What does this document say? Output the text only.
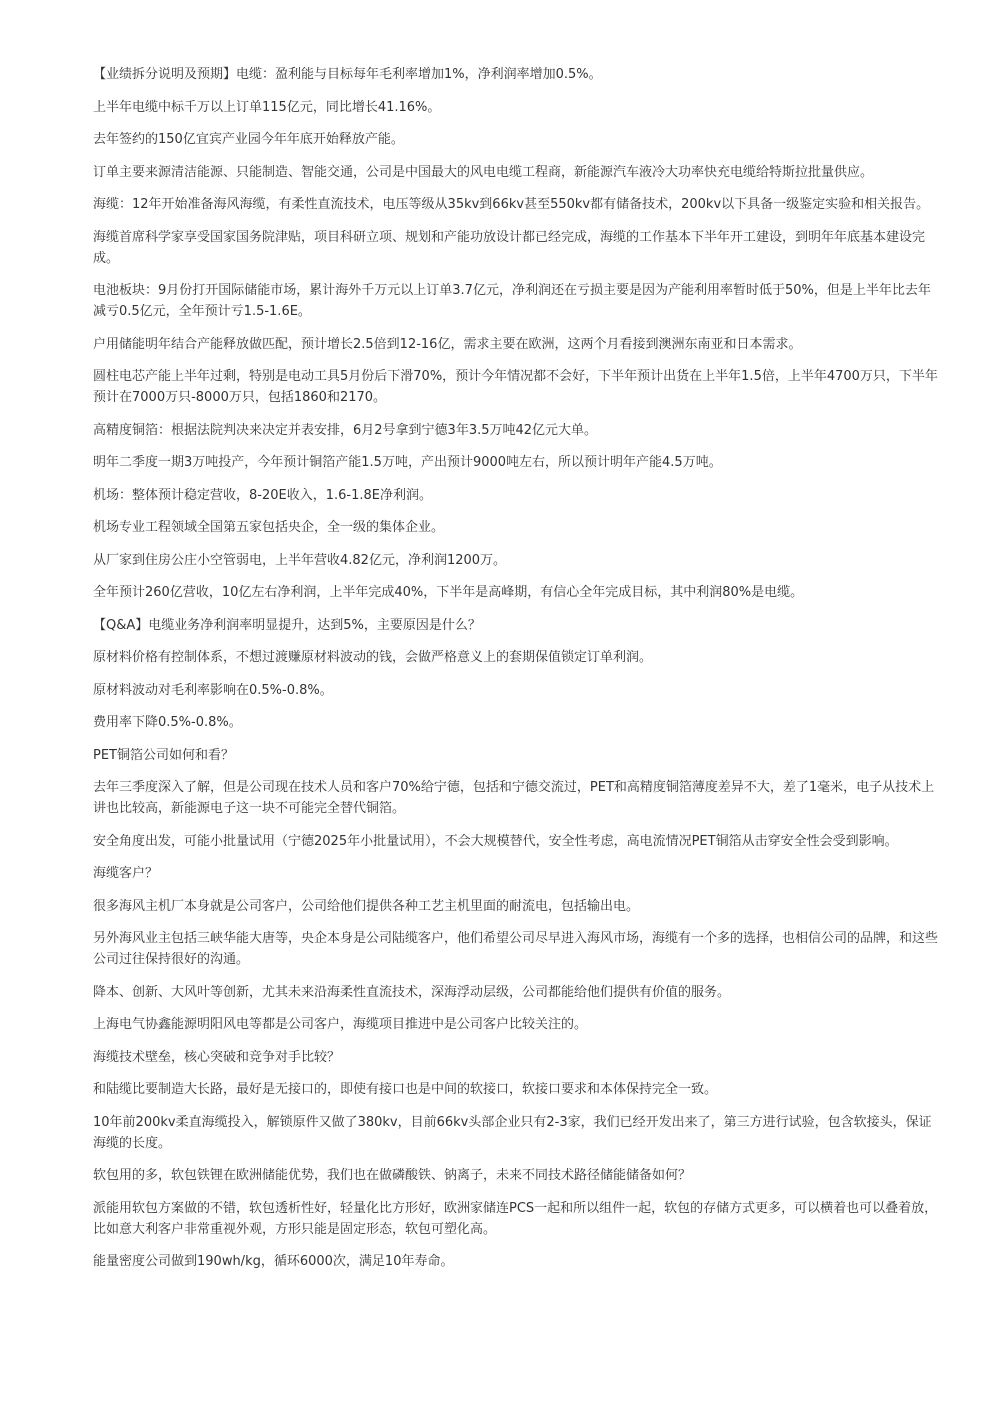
【业绩拆分说明及预期】电缆：盈利能与目标每年毛利率增加1%，净利润率增加0.5%。

上半年电缆中标千万以上订单115亿元，同比增长41.16%。

去年签约的150亿宜宾产业园今年年底开始释放产能。

订单主要来源清洁能源、只能制造、智能交通，公司是中国最大的风电电缆工程商，新能源汽车液冷大功率快充电缆给特斯拉批量供应。

海缆：12年开始准备海风海缆，有柔性直流技术，电压等级从35kv到66kv甚至550kv都有储备技术，200kv以下具备一级鉴定实验和相关报告。

海缆首席科学家享受国家国务院津贴，项目科研立项、规划和产能功放设计都已经完成，海缆的工作基本下半年开工建设，到明年年底基本建设完成。

电池板块：9月份打开国际储能市场，累计海外千万元以上订单3.7亿元，净利润还在亏损主要是因为产能利用率暂时低于50%，但是上半年比去年减亏0.5亿元，全年预计亏1.5-1.6E。

户用储能明年结合产能释放做匹配，预计增长2.5倍到12-16亿，需求主要在欧洲，这两个月看接到澳洲东南亚和日本需求。

圆柱电芯产能上半年过剩，特别是电动工具5月份后下滑70%，预计今年情况都不会好，下半年预计出货在上半年1.5倍，上半年4700万只，下半年预计在7000万只-8000万只，包括1860和2170。

高精度铜箔：根据法院判决来决定并表安排，6月2号拿到宁德3年3.5万吨42亿元大单。

明年二季度一期3万吨投产，今年预计铜箔产能1.5万吨，产出预计9000吨左右，所以预计明年产能4.5万吨。

机场：整体预计稳定营收，8-20E收入，1.6-1.8E净利润。

机场专业工程领域全国第五家包括央企，全一级的集体企业。

从厂家到住房公庄小空管弱电，上半年营收4.82亿元，净利润1200万。

全年预计260亿营收，10亿左右净利润，上半年完成40%，下半年是高峰期，有信心全年完成目标，其中利润80%是电缆。

【Q&A】电缆业务净利润率明显提升，达到5%，主要原因是什么？

原材料价格有控制体系，不想过渡赚原材料波动的钱，会做严格意义上的套期保值锁定订单利润。

原材料波动对毛利率影响在0.5%-0.8%。

费用率下降0.5%-0.8%。

PET铜箔公司如何和看？

去年三季度深入了解，但是公司现在技术人员和客户70%给宁德，包括和宁德交流过，PET和高精度铜箔薄度差异不大，差了1毫米，电子从技术上讲也比较高，新能源电子这一块不可能完全替代铜箔。

安全角度出发，可能小批量试用（宁德2025年小批量试用），不会大规模替代，安全性考虑，高电流情况PET铜箔从击穿安全性会受到影响。

海缆客户？

很多海风主机厂本身就是公司客户，公司给他们提供各种工艺主机里面的耐流电，包括输出电。

另外海风业主包括三峡华能大唐等，央企本身是公司陆缆客户，他们希望公司尽早进入海风市场，海缆有一个多的选择，也相信公司的品牌，和这些公司过往保持很好的沟通。

降本、创新、大风叶等创新，尤其未来沿海柔性直流技术，深海浮动层级，公司都能给他们提供有价值的服务。

上海电气协鑫能源明阳风电等都是公司客户，海缆项目推进中是公司客户比较关注的。

海缆技术壁垒，核心突破和竞争对手比较？

和陆缆比要制造大长路，最好是无接口的，即使有接口也是中间的软接口，软接口要求和本体保持完全一致。

10年前200kv柔直海缆投入，解锁原件又做了380kv，目前66kv头部企业只有2-3家，我们已经开发出来了，第三方进行试验，包含软接头，保证海缆的长度。

软包用的多，软包铁锂在欧洲储能优势，我们也在做磷酸铁、钠离子，未来不同技术路径储能储备如何？

派能用软包方案做的不错，软包透析性好，轻量化比方形好，欧洲家储连PCS一起和所以组件一起，软包的存储方式更多，可以横着也可以叠着放，比如意大利客户非常重视外观，方形只能是固定形态，软包可塑化高。

能量密度公司做到190wh/kg，循环6000次，满足10年寿命。
